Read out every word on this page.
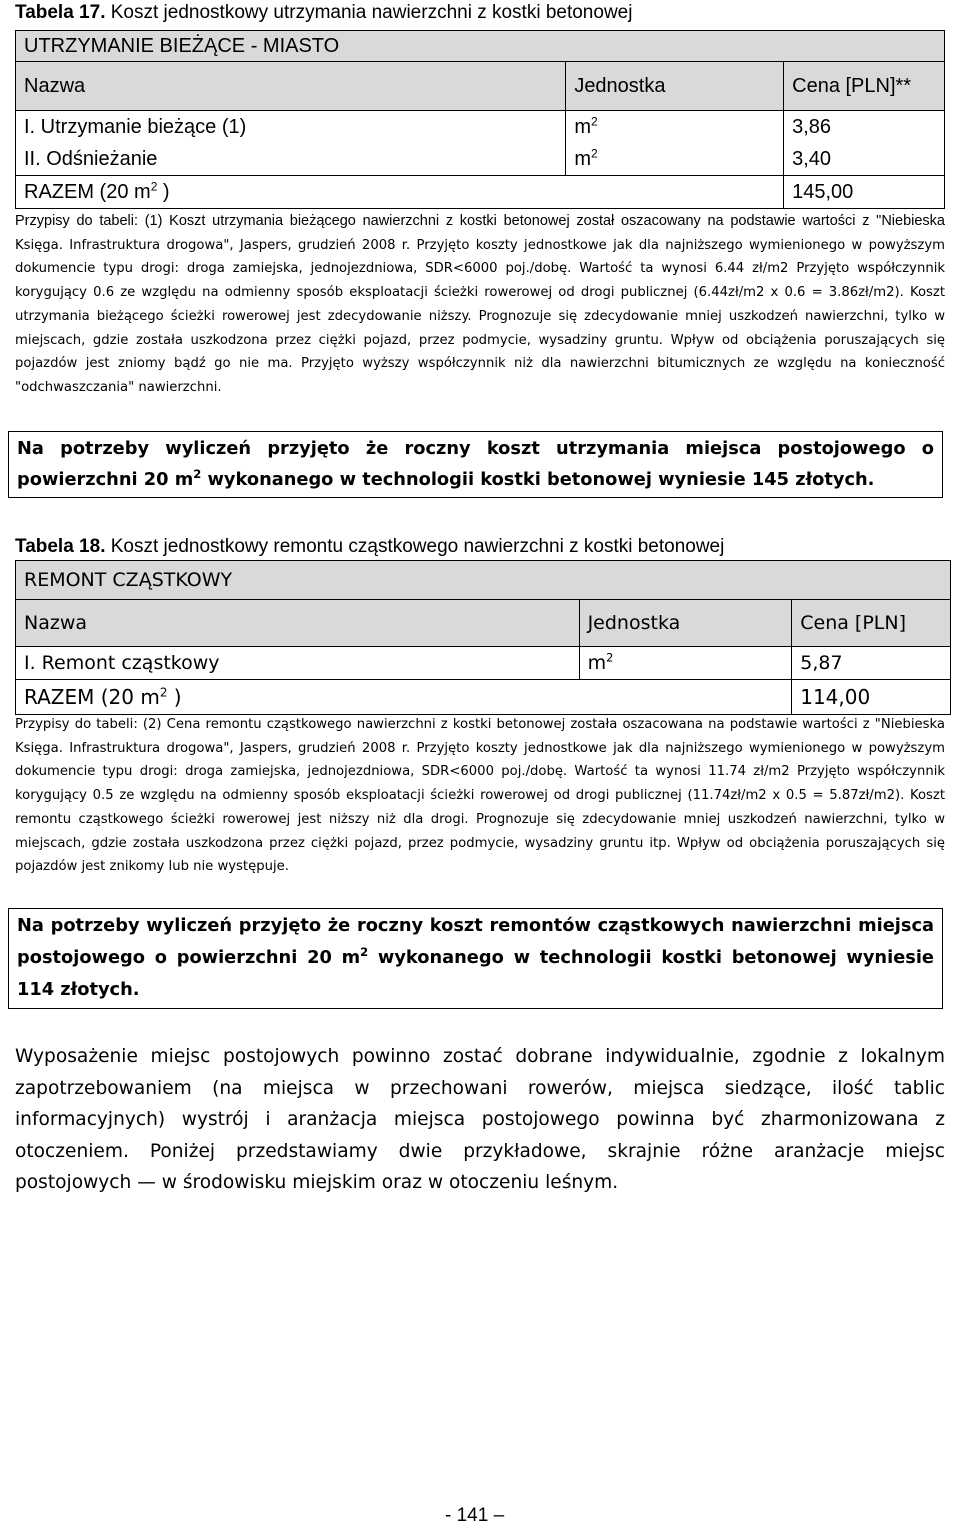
Tabela 17. Koszt jednostkowy utrzymania nawierzchni z kostki betonowej
UTRZYMANIE BIEŻĄCE - MIASTO		
Nazwa	Jednostka	Cena [PLN]**
I. Utrzymanie bieżące (1)	$m^2$	3,86
II. Odśnieżanie	$m^2$	3,40
RAZEM (20 $m^2$ )		145,00
Przypisy do tabeli: (1) Koszt utrzymania bieżącego nawierzchni z kostki betonowej został oszacowany na podstawie wartości z "Niebieska Księga. Infrastruktura drogowa", Jaspers, grudzień 2008 r. Przyjęto koszty jednostkowe jak dla najniższego wymienionego w powyższym dokumencie typu drogi: droga zamiejska, jednojezdniowa, SDR<6000 poj./dobę. Wartość ta wynosi 6.44 zł/m2 Przyjęto współczynnik korygujący 0.6 ze względu na odmienny sposób eksploatacji ścieżki rowerowej od drogi publicznej (6.44zł/m2 x 0.6 = 3.86zł/m2). Koszt utrzymania bieżącego ścieżki rowerowej jest zdecydowanie niższy. Prognozuje się zdecydowanie mniej uszkodzeń nawierzchni, tylko w miejscach, gdzie została uszkodzona przez ciężki pojazd, przez podmycie, wysadziny gruntu. Wpływ od obciążenia poruszających się pojazdów jest zniomy bądź go nie ma. Przyjęto wyższy współczynnik niż dla nawierzchni bitumicznych ze względu na konieczność "odchwaszczania" nawierzchni.
Na potrzeby wyliczeń przyjęto że roczny koszt utrzymania miejsca postojowego o powierzchni 20 $m^2$ wykonanego w technologii kostki betonowej wyniesie 145 złotych.
Tabela 18. Koszt jednostkowy remontu cząstkowego nawierzchni z kostki betonowej
REMONT CZĄSTKOWY		
Nazwa	Jednostka	Cena [PLN]
I. Remont cząstkowy	$m^2$	5,87
RAZEM (20 $m^2$ )		114,00
Przypisy do tabeli: (2) Cena remontu cząstkowego nawierzchni z kostki betonowej została oszacowana na podstawie wartości z "Niebieska Księga. Infrastruktura drogowa", Jaspers, grudzień 2008 r. Przyjęto koszty jednostkowe jak dla najniższego wymienionego w powyższym dokumencie typu drogi: droga zamiejska, jednojezdniowa, SDR<6000 poj./dobę. Wartość ta wynosi 11.74 zł/m2 Przyjęto współczynnik korygujący 0.5 ze względu na odmienny sposób eksploatacji ścieżki rowerowej od drogi publicznej (11.74zł/m2 x 0.5 = 5.87zł/m2). Koszt remontu cząstkowego ścieżki rowerowej jest niższy niż dla drogi. Prognozuje się zdecydowanie mniej uszkodzeń nawierzchni, tylko w miejscach, gdzie została uszkodzona przez ciężki pojazd, przez podmycie, wysadziny gruntu itp. Wpływ od obciążenia poruszających się pojazdów jest znikomy lub nie występuje.
Na potrzeby wyliczeń przyjęto że roczny koszt remontów cząstkowych nawierzchni miejsca postojowego o powierzchni 20 $m^2$ wykonanego w technologii kostki betonowej wyniesie 114 złotych.
Wyposażenie miejsc postojowych powinno zostać dobrane indywidualnie, zgodnie z lokalnym zapotrzebowaniem (na miejsca w przechowani rowerów, miejsca siedzące, ilość tablic informacyjnych) wystrój i aranżacja miejsca postojowego powinna być zharmonizowana z otoczeniem. Poniżej przedstawiamy dwie przykładowe, skrajnie różne aranżacje miejsc postojowych — w środowisku miejskim oraz w otoczeniu leśnym.
- 141 –
